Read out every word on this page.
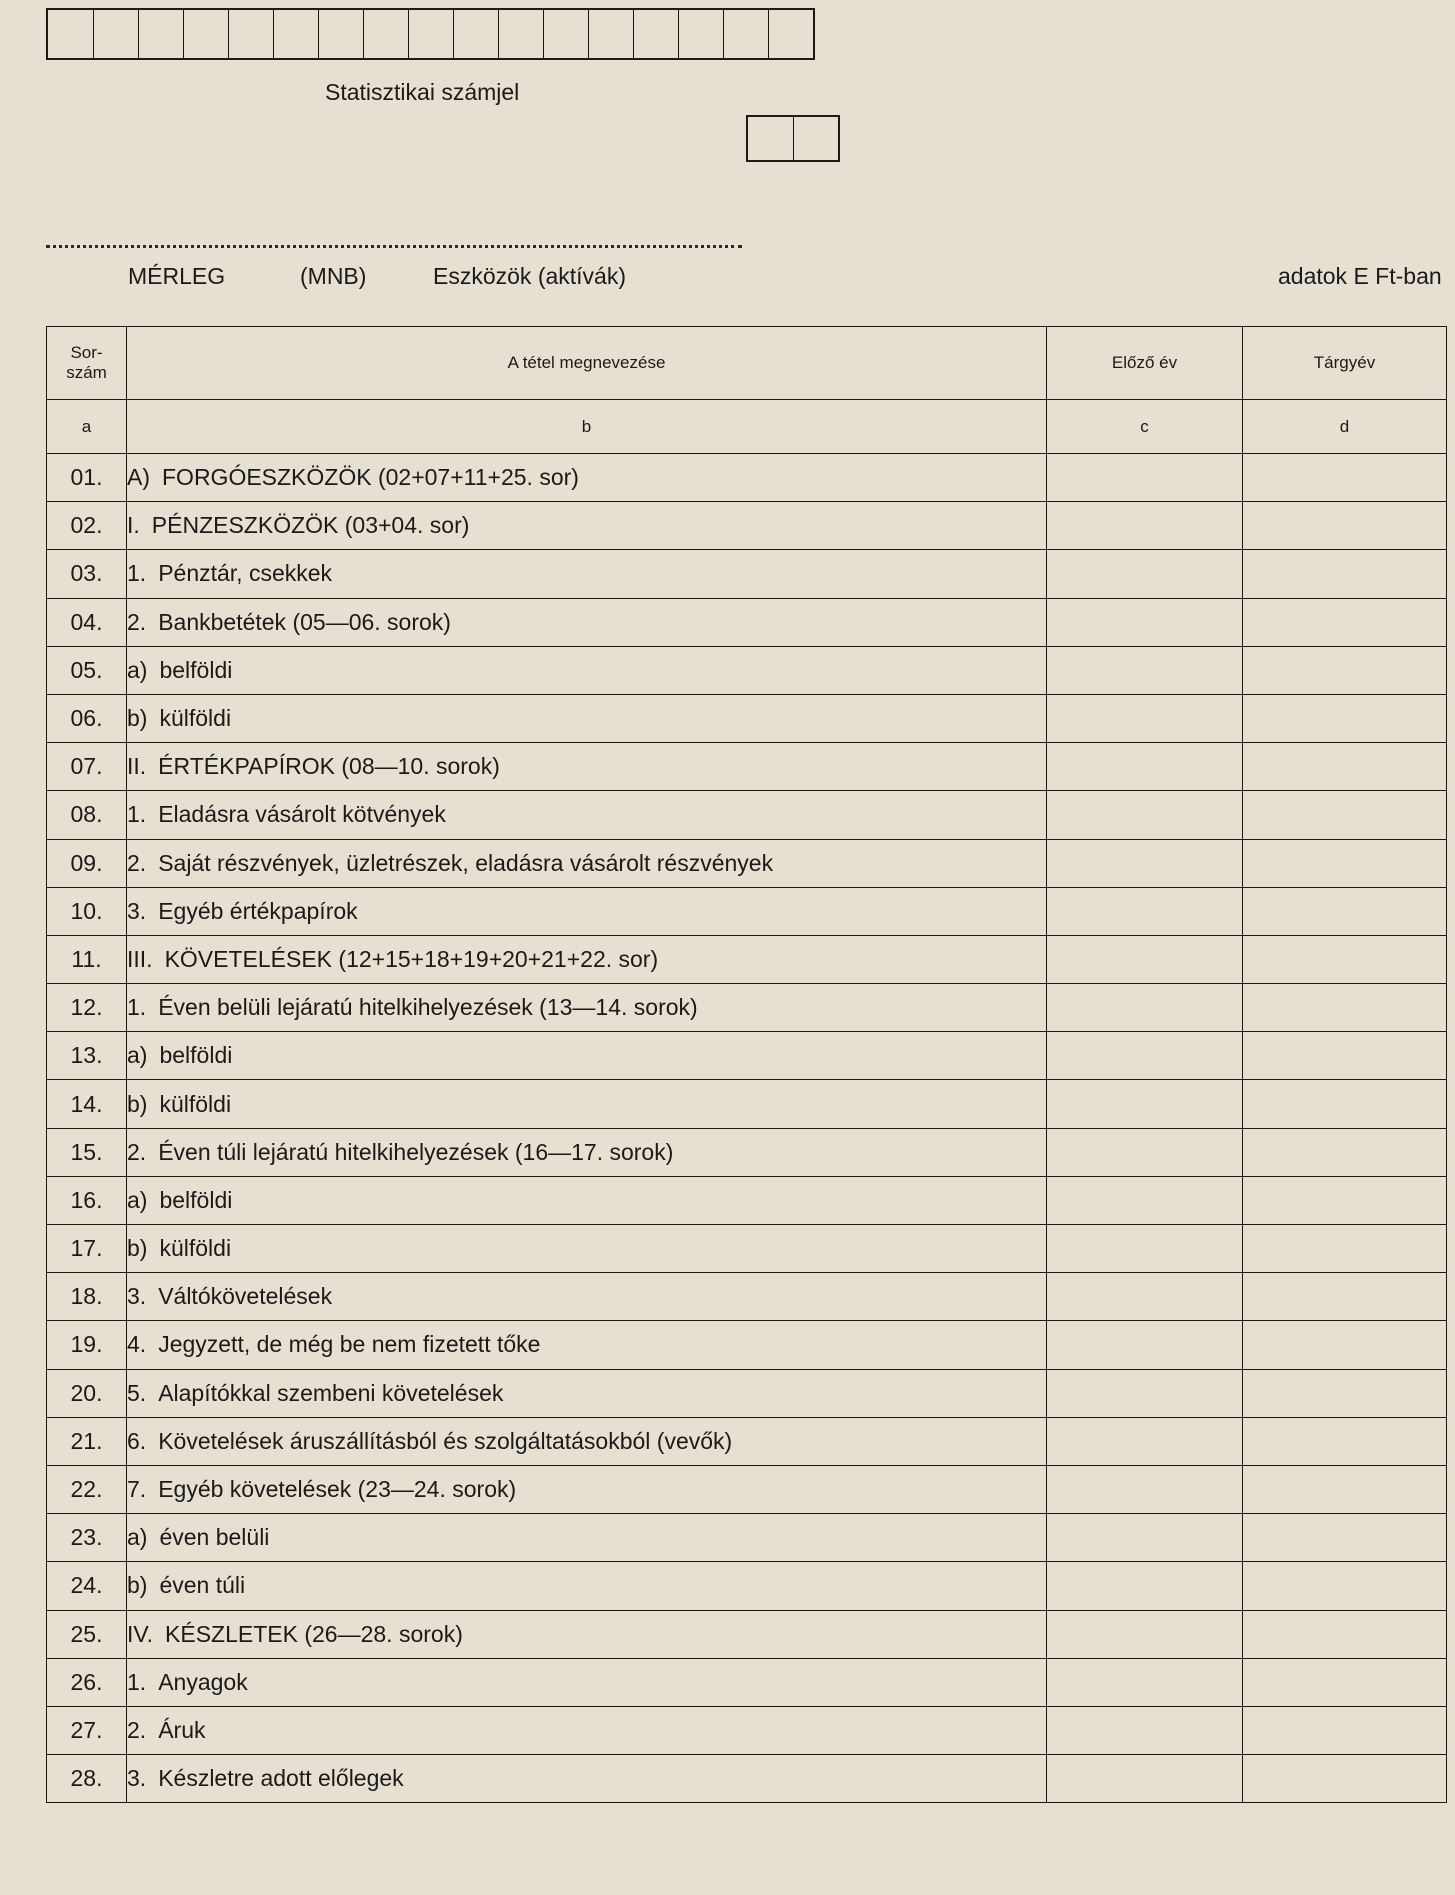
Statisztikai számjel
MÉRLEG	(MNB)	Eszközök (aktívák)	adatok E Ft-ban
Sor-
szám	A tétel megnevezése	Előző év	Tárgyév
a	b	c	d
01.	A) FORGÓESZKÖZÖK (02+07+11+25. sor)		
02.	I. PÉNZESZKÖZÖK (03+04. sor)		
03.	1. Pénztár, csekkek		
04.	2. Bankbetétek (05—06. sorok)		
05.	a) belföldi		
06.	b) külföldi		
07.	II. ÉRTÉKPAPÍROK (08—10. sorok)		
08.	1. Eladásra vásárolt kötvények		
09.	2. Saját részvények, üzletrészek, eladásra vásárolt részvények		
10.	3. Egyéb értékpapírok		
11.	III. KÖVETELÉSEK (12+15+18+19+20+21+22. sor)		
12.	1. Éven belüli lejáratú hitelkihelyezések (13—14. sorok)		
13.	a) belföldi		
14.	b) külföldi		
15.	2. Éven túli lejáratú hitelkihelyezések (16—17. sorok)		
16.	a) belföldi		
17.	b) külföldi		
18.	3. Váltókövetelések		
19.	4. Jegyzett, de még be nem fizetett tőke		
20.	5. Alapítókkal szembeni követelések		
21.	6. Követelések áruszállításból és szolgáltatásokból (vevők)		
22.	7. Egyéb követelések (23—24. sorok)		
23.	a) éven belüli		
24.	b) éven túli		
25.	IV. KÉSZLETEK (26—28. sorok)		
26.	1. Anyagok		
27.	2. Áruk		
28.	3. Készletre adott előlegek		
